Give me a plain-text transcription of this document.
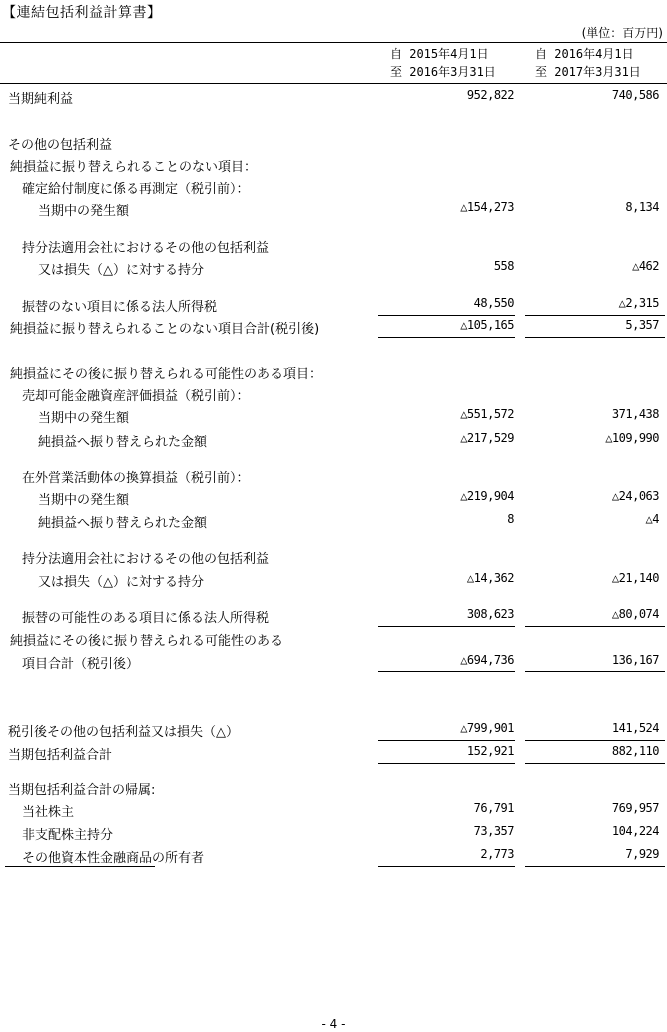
【連結包括利益計算書】
(単位：百万円)
自 2015年4月1日
至 2016年3月31日
自 2016年4月1日
至 2017年3月31日
当期純利益	952,822	740,586
その他の包括利益
純損益に振り替えられることのない項目：
確定給付制度に係る再測定（税引前）：
当期中の発生額	△154,273	8,134
持分法適用会社におけるその他の包括利益
又は損失（△）に対する持分	558	△462
振替のない項目に係る法人所得税	48,550	△2,315
純損益に振り替えられることのない項目合計(税引後)	△105,165	5,357
純損益にその後に振り替えられる可能性のある項目：
売却可能金融資産評価損益（税引前）：
当期中の発生額	△551,572	371,438
純損益へ振り替えられた金額	△217,529	△109,990
在外営業活動体の換算損益（税引前）：
当期中の発生額	△219,904	△24,063
純損益へ振り替えられた金額	8	△4
持分法適用会社におけるその他の包括利益
又は損失（△）に対する持分	△14,362	△21,140
振替の可能性のある項目に係る法人所得税	308,623	△80,074
純損益にその後に振り替えられる可能性のある
項目合計（税引後）	△694,736	136,167
税引後その他の包括利益又は損失（△）	△799,901	141,524
当期包括利益合計	152,921	882,110
当期包括利益合計の帰属:
当社株主	76,791	769,957
非支配株主持分	73,357	104,224
その他資本性金融商品の所有者	2,773	7,929
- 4 -
